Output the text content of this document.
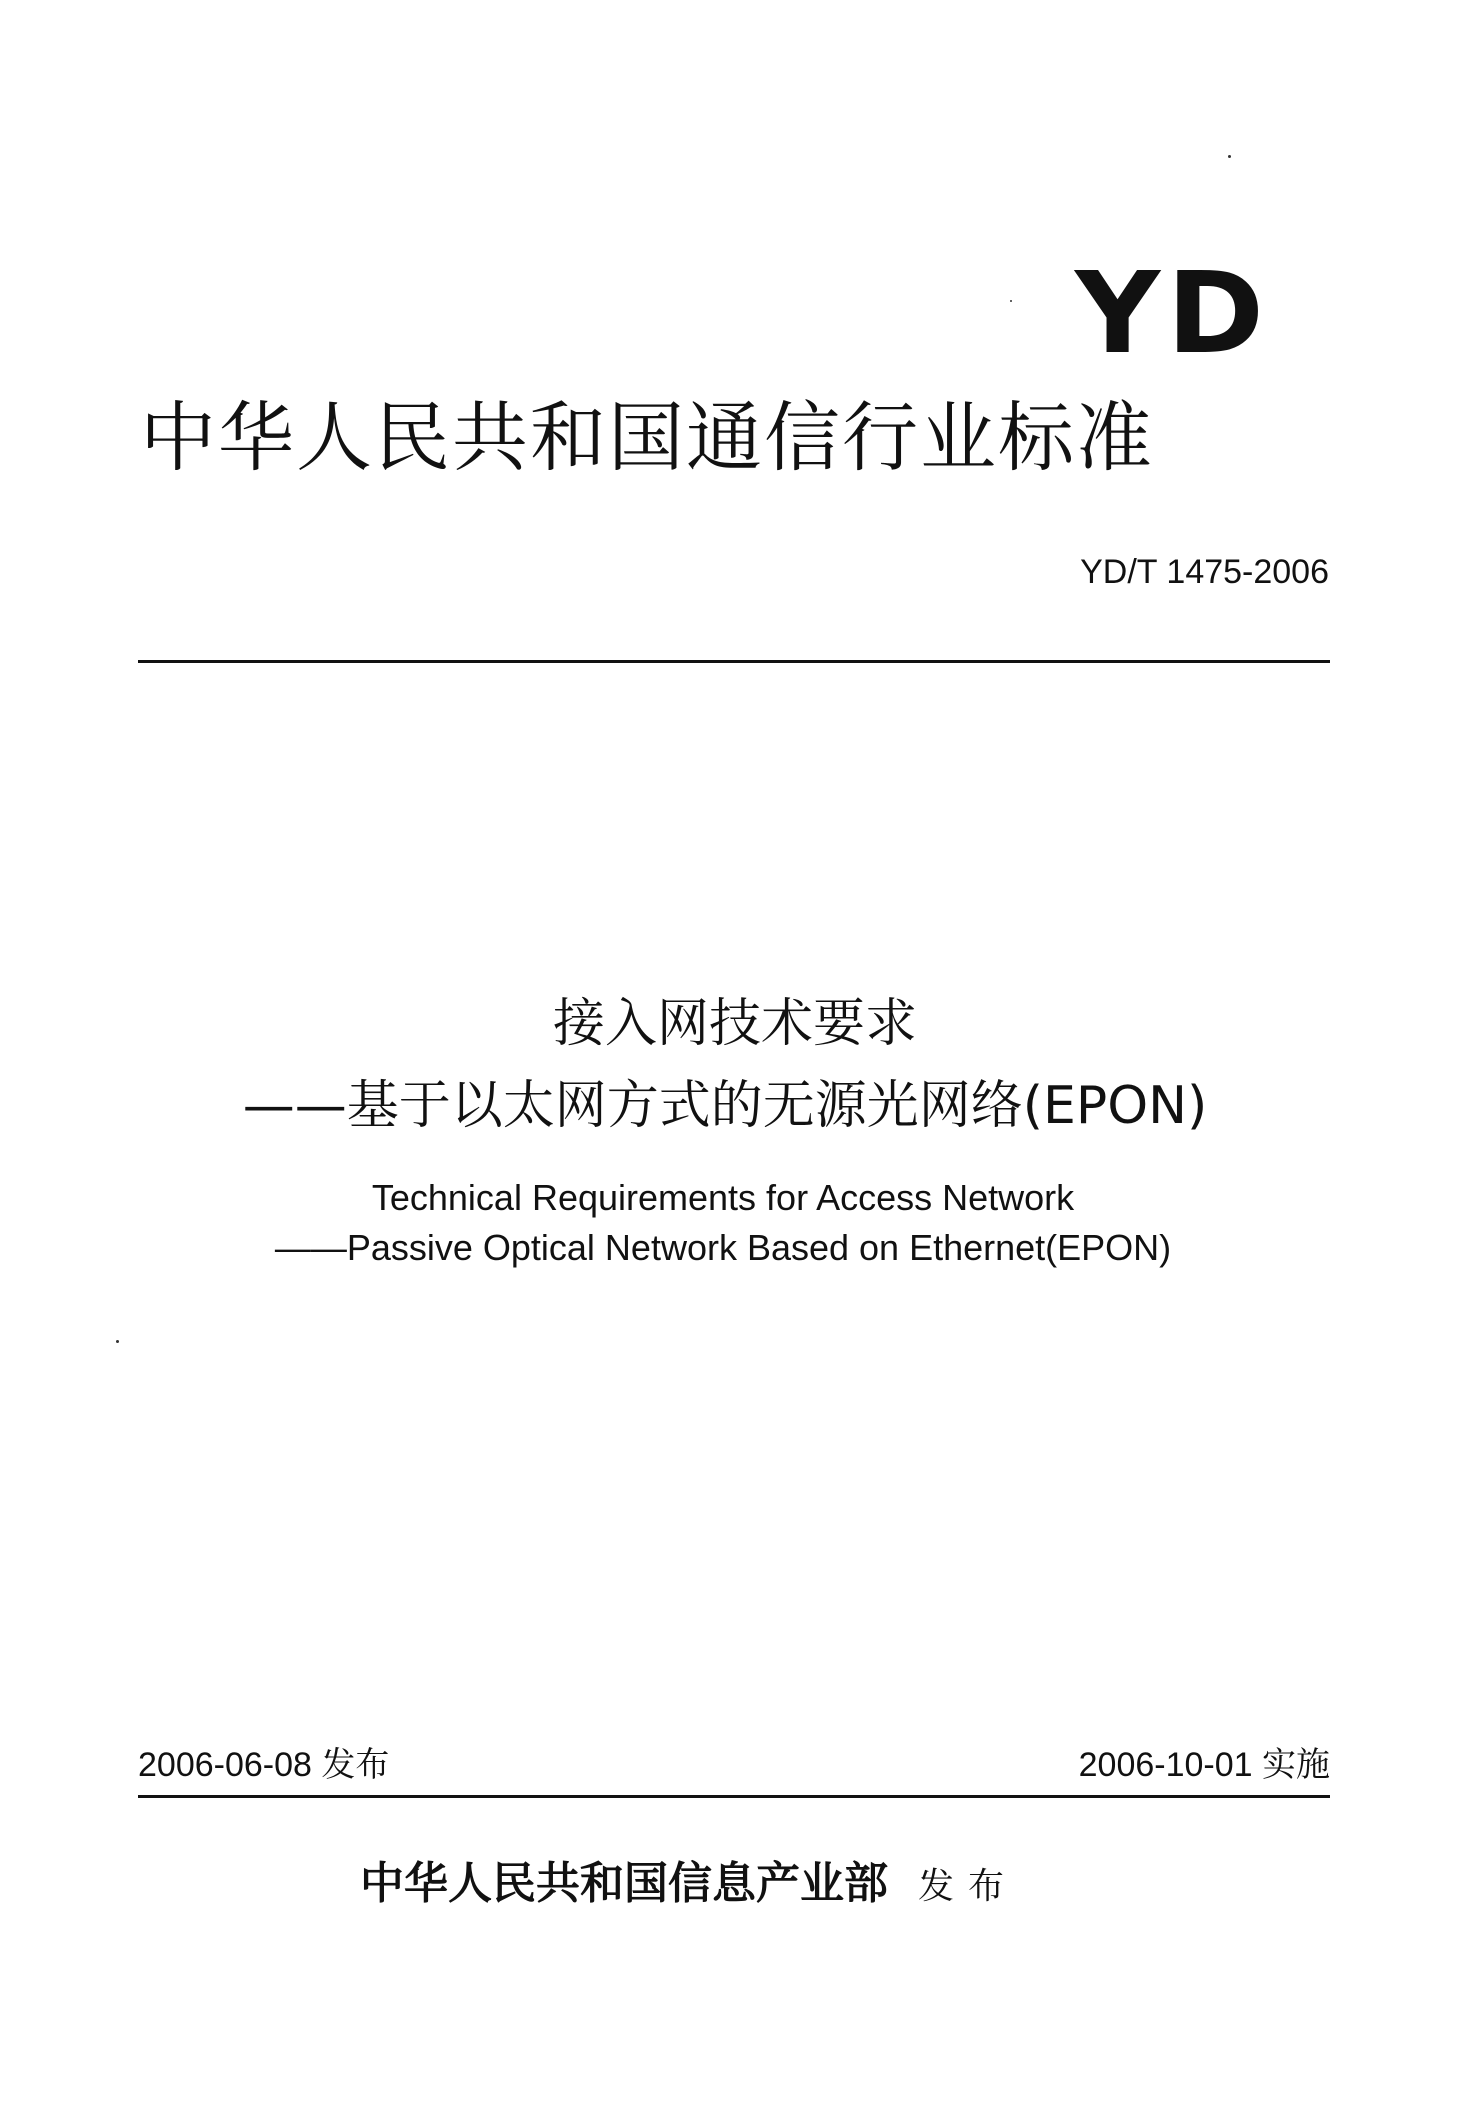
YD
中华人民共和国通信行业标准
YD/T 1475-2006
接入网技术要求
——基于以太网方式的无源光网络(EPON)
Technical Requirements for Access Network
——Passive Optical Network Based on Ethernet(EPON)
2006-06-08 发布	2006-10-01 实施
中华人民共和国信息产业部 发布
